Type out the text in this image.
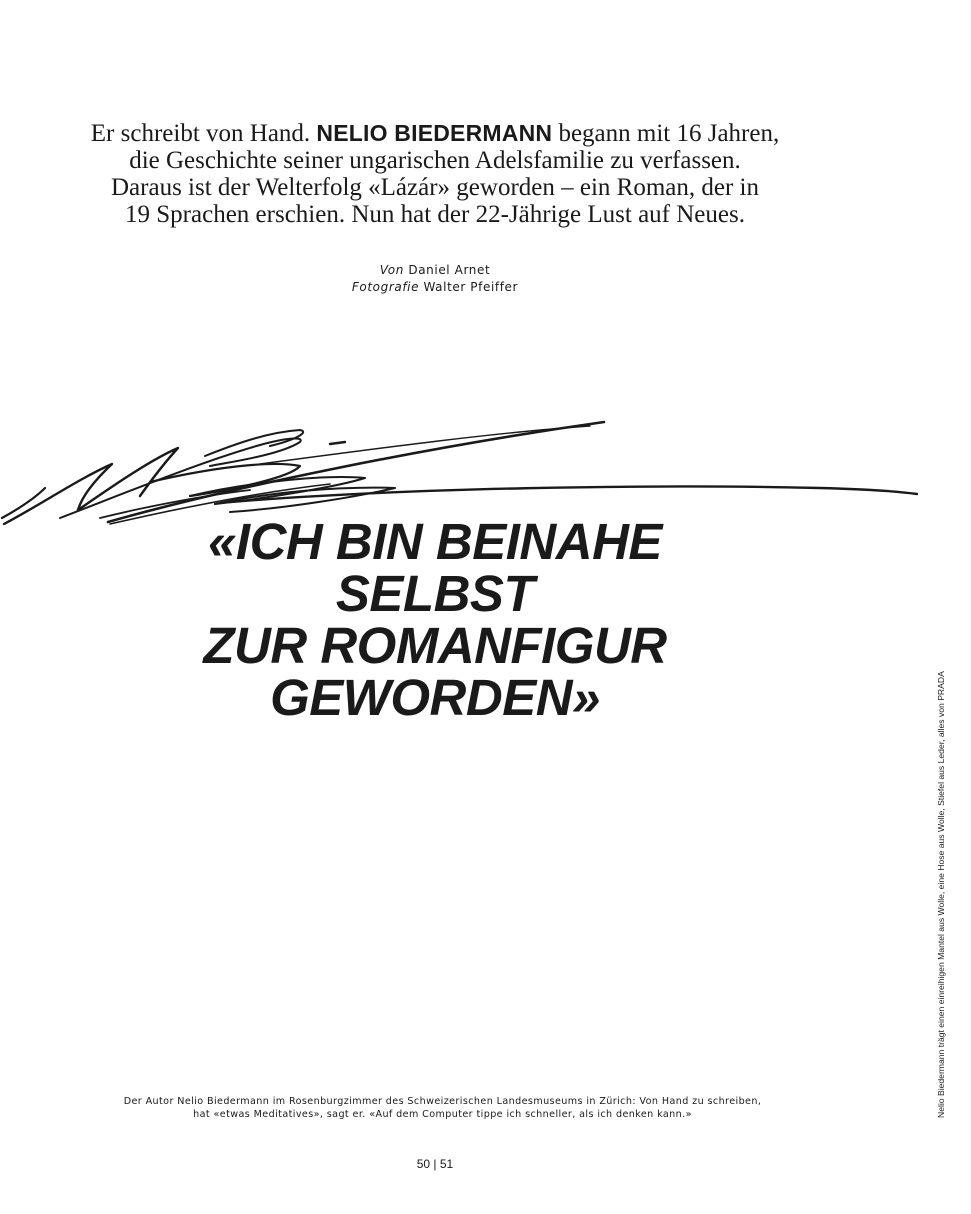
Er schreibt von Hand. NELIO BIEDERMANN begann mit 16 Jahren,
die Geschichte seiner ungarischen Adelsfamilie zu verfassen.
Daraus ist der Welterfolg «Lázár» geworden – ein Roman, der in
19 Sprachen erschien. Nun hat der 22-Jährige Lust auf Neues.
Von Daniel Arnet
Fotografie Walter Pfeiffer
«ICH BIN BEINAHE
SELBST
ZUR ROMANFIGUR
GEWORDEN»
Der Autor Nelio Biedermann im Rosenburgzimmer des Schweizerischen Landesmuseums in Zürich: Von Hand zu schreiben,
hat «etwas Meditatives», sagt er. «Auf dem Computer tippe ich schneller, als ich denken kann.»	Nelio Biedermann trägt einen einreihigen Mantel aus Wolle, eine Hose aus Wolle, Stiefel aus Leder, alles von PRADA
50 | 51
